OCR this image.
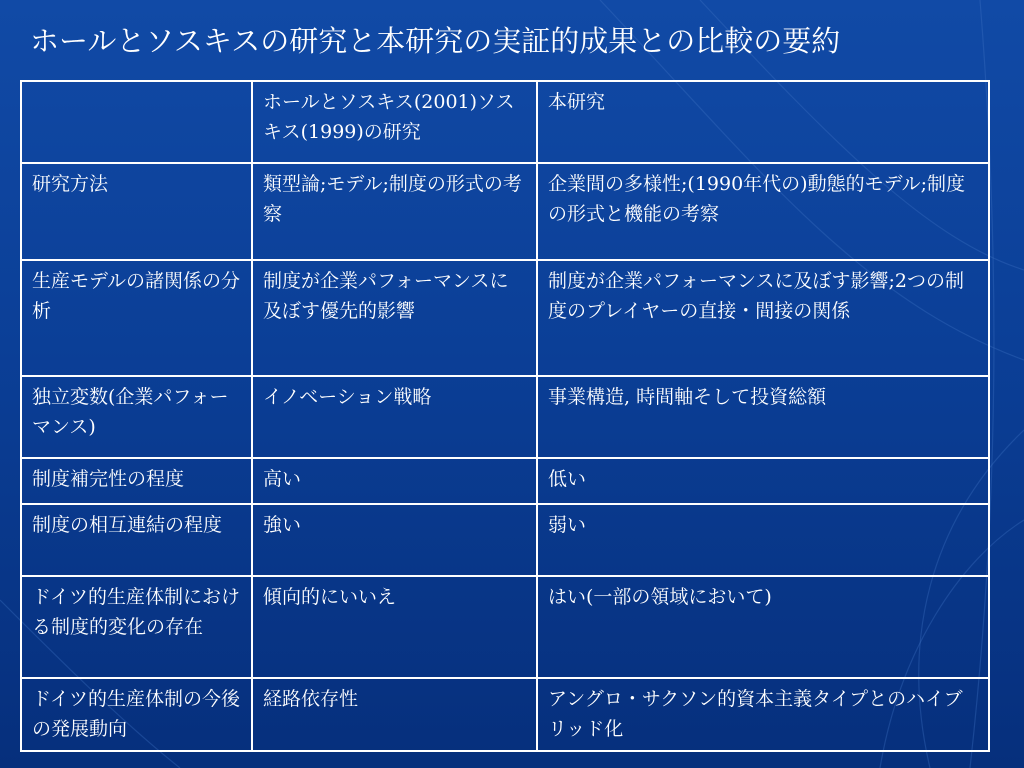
ホールとソスキスの研究と本研究の実証的成果との比較の要約
	ホールとソスキス(2001)ソスキス(1999)の研究	本研究
研究方法	類型論;モデル;制度の形式の考察	企業間の多様性;(1990年代の)動態的モデル;制度の形式と機能の考察
生産モデルの諸関係の分析	制度が企業パフォーマンスに及ぼす優先的影響	制度が企業パフォーマンスに及ぼす影響;2つの制度のプレイヤーの直接・間接の関係
独立変数(企業パフォーマンス)	イノベーション戦略	事業構造, 時間軸そして投資総額
制度補完性の程度	高い	低い
制度の相互連結の程度	強い	弱い
ドイツ的生産体制における制度的変化の存在	傾向的にいいえ	はい(一部の領域において)
ドイツ的生産体制の今後の発展動向	経路依存性	アングロ・サクソン的資本主義タイプとのハイブリッド化
